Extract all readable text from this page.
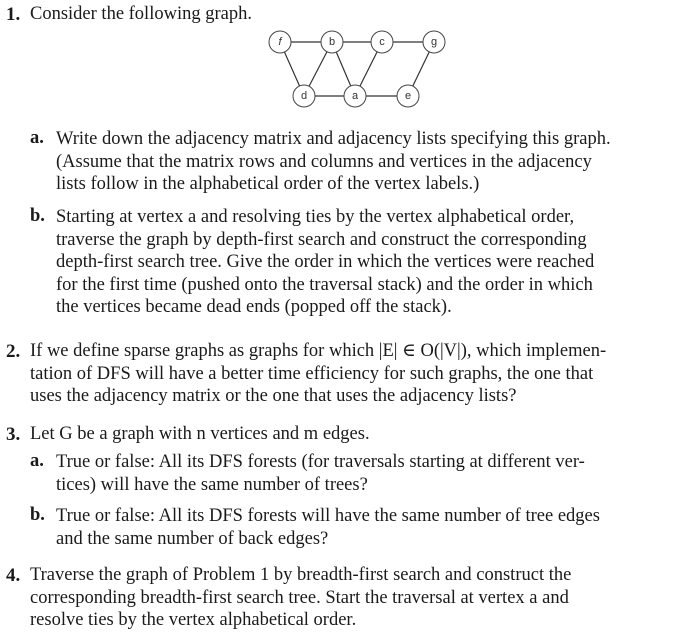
1. Consider the following graph.
f	b	c	g
d	a	e
a. Write down the adjacency matrix and adjacency lists specifying this graph.
(Assume that the matrix rows and columns and vertices in the adjacency
lists follow in the alphabetical order of the vertex labels.)
b. Starting at vertex a and resolving ties by the vertex alphabetical order,
traverse the graph by depth-first search and construct the corresponding
depth-first search tree. Give the order in which the vertices were reached
for the first time (pushed onto the traversal stack) and the order in which
the vertices became dead ends (popped off the stack).
2. If we define sparse graphs as graphs for which |E| ∈ O(|V|), which implemen-
tation of DFS will have a better time efficiency for such graphs, the one that
uses the adjacency matrix or the one that uses the adjacency lists?
3. Let G be a graph with n vertices and m edges.
a. True or false: All its DFS forests (for traversals starting at different ver-
tices) will have the same number of trees?
b. True or false: All its DFS forests will have the same number of tree edges
and the same number of back edges?
4. Traverse the graph of Problem 1 by breadth-first search and construct the
corresponding breadth-first search tree. Start the traversal at vertex a and
resolve ties by the vertex alphabetical order.
